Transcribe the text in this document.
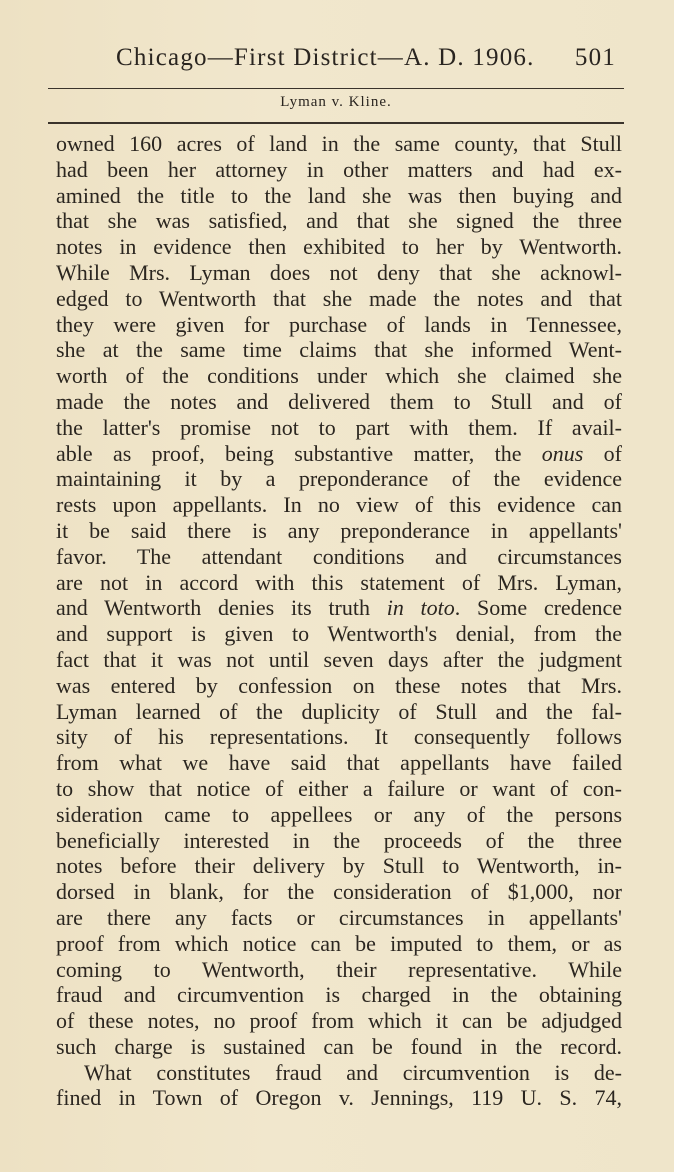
Chicago—First District—A. D. 1906. 501
Lyman v. Kline.
owned 160 acres of land in the same county, that Stull
had been her attorney in other matters and had ex-
amined the title to the land she was then buying and
that she was satisfied, and that she signed the three
notes in evidence then exhibited to her by Wentworth.
While Mrs. Lyman does not deny that she acknowl-
edged to Wentworth that she made the notes and that
they were given for purchase of lands in Tennessee,
she at the same time claims that she informed Went-
worth of the conditions under which she claimed she
made the notes and delivered them to Stull and of
the latter's promise not to part with them. If avail-
able as proof, being substantive matter, the onus of
maintaining it by a preponderance of the evidence
rests upon appellants. In no view of this evidence can
it be said there is any preponderance in appellants'
favor. The attendant conditions and circumstances
are not in accord with this statement of Mrs. Lyman,
and Wentworth denies its truth in toto. Some credence
and support is given to Wentworth's denial, from the
fact that it was not until seven days after the judgment
was entered by confession on these notes that Mrs.
Lyman learned of the duplicity of Stull and the fal-
sity of his representations. It consequently follows
from what we have said that appellants have failed
to show that notice of either a failure or want of con-
sideration came to appellees or any of the persons
beneficially interested in the proceeds of the three
notes before their delivery by Stull to Wentworth, in-
dorsed in blank, for the consideration of $1,000, nor
are there any facts or circumstances in appellants'
proof from which notice can be imputed to them, or as
coming to Wentworth, their representative. While
fraud and circumvention is charged in the obtaining
of these notes, no proof from which it can be adjudged
such charge is sustained can be found in the record.
What constitutes fraud and circumvention is de-
fined in Town of Oregon v. Jennings, 119 U. S. 74,
